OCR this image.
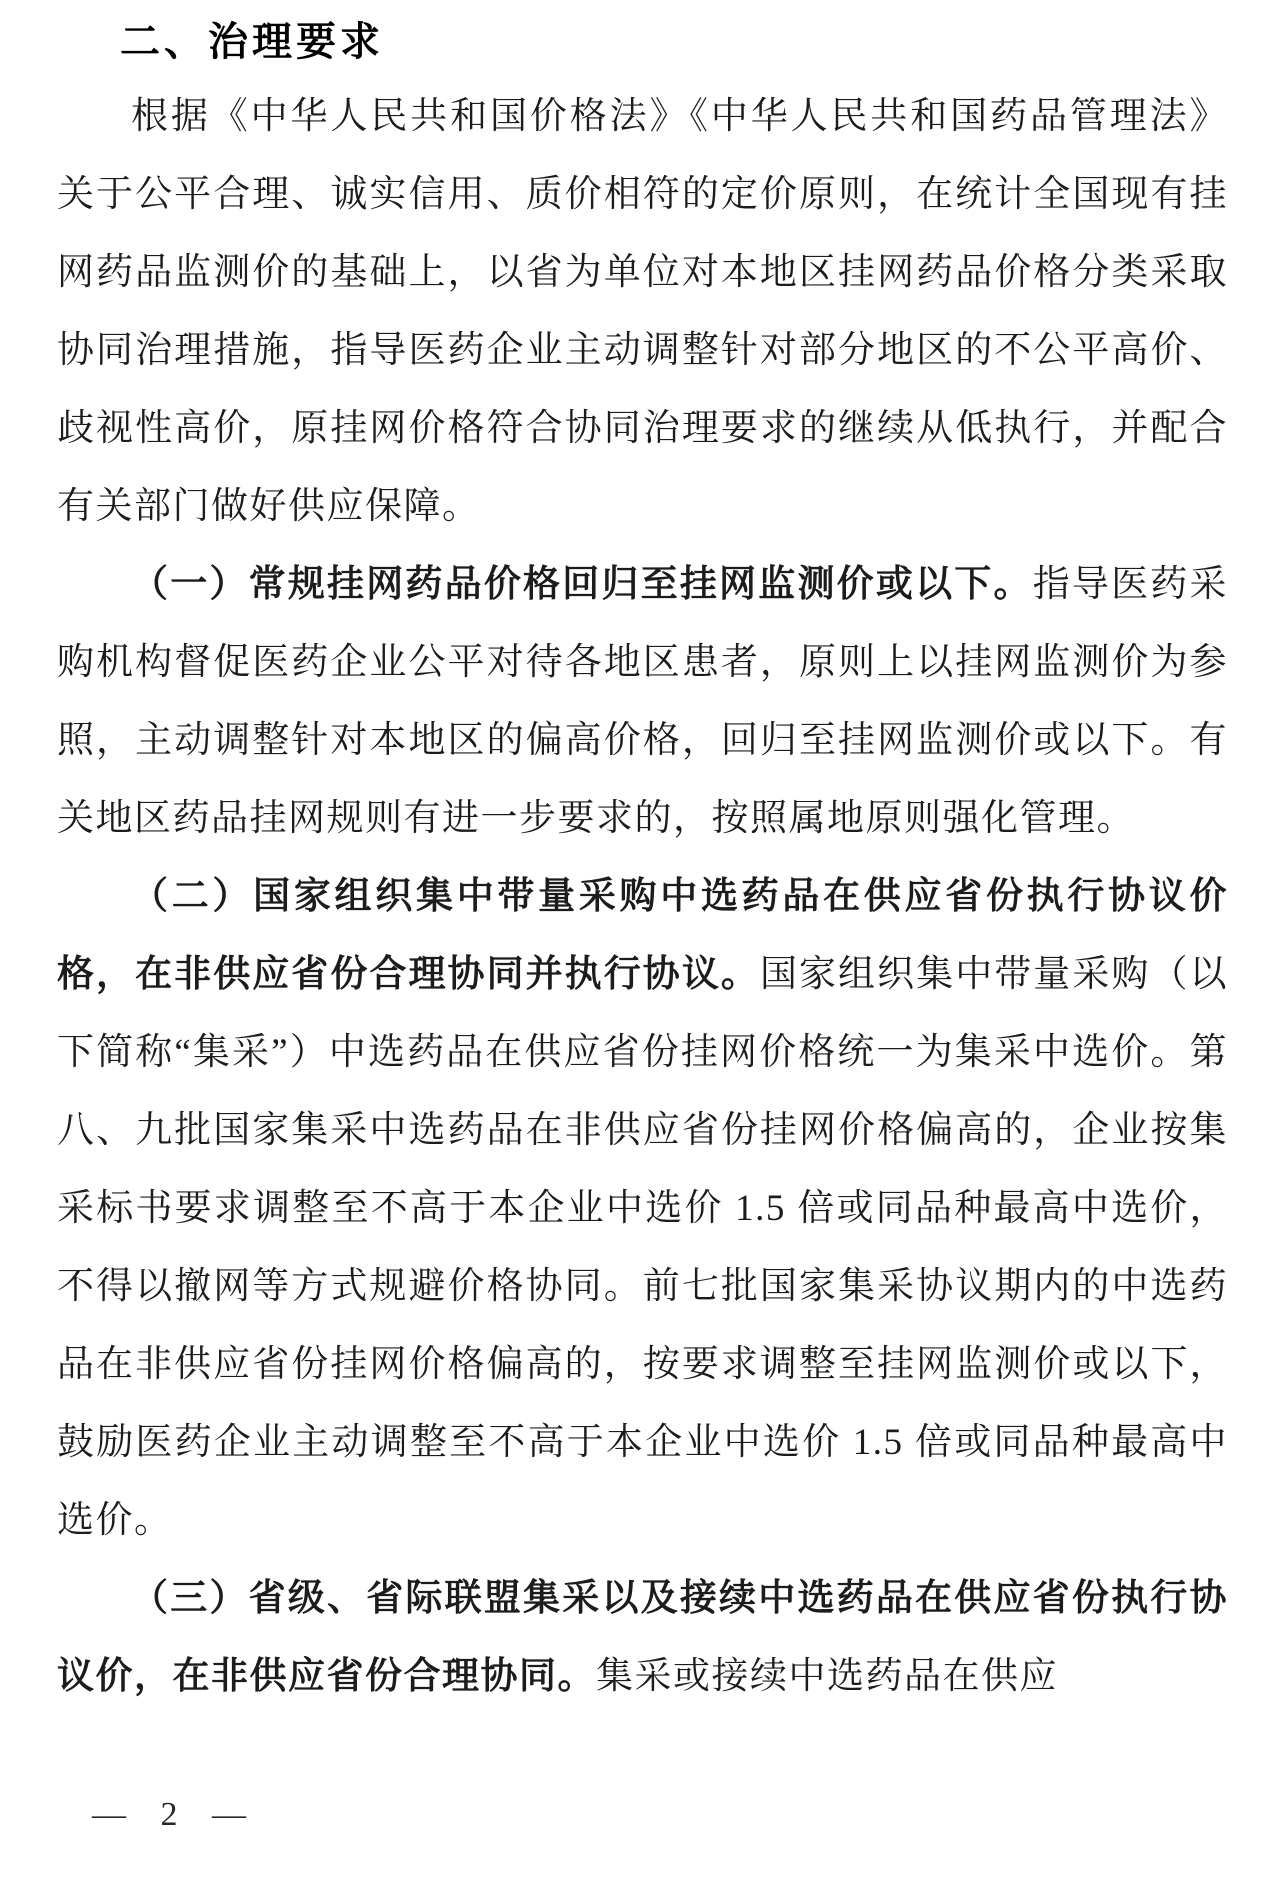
二、治理要求

根据《中华人民共和国价格法》《中华人民共和国药品管理法》关于公平合理、诚实信用、质价相符的定价原则，在统计全国现有挂网药品监测价的基础上，以省为单位对本地区挂网药品价格分类采取协同治理措施，指导医药企业主动调整针对部分地区的不公平高价、歧视性高价，原挂网价格符合协同治理要求的继续从低执行，并配合有关部门做好供应保障。

（一）常规挂网药品价格回归至挂网监测价或以下。指导医药采购机构督促医药企业公平对待各地区患者，原则上以挂网监测价为参照，主动调整针对本地区的偏高价格，回归至挂网监测价或以下。有关地区药品挂网规则有进一步要求的，按照属地原则强化管理。

（二）国家组织集中带量采购中选药品在供应省份执行协议价格，在非供应省份合理协同并执行协议。国家组织集中带量采购（以下简称“集采”）中选药品在供应省份挂网价格统一为集采中选价。第八、九批国家集采中选药品在非供应省份挂网价格偏高的，企业按集采标书要求调整至不高于本企业中选价 1.5 倍或同品种最高中选价，不得以撤网等方式规避价格协同。前七批国家集采协议期内的中选药品在非供应省份挂网价格偏高的，按要求调整至挂网监测价或以下，鼓励医药企业主动调整至不高于本企业中选价 1.5 倍或同品种最高中选价。

（三）省级、省际联盟集采以及接续中选药品在供应省份执行协议价，在非供应省份合理协同。集采或接续中选药品在供应

— 2 —
